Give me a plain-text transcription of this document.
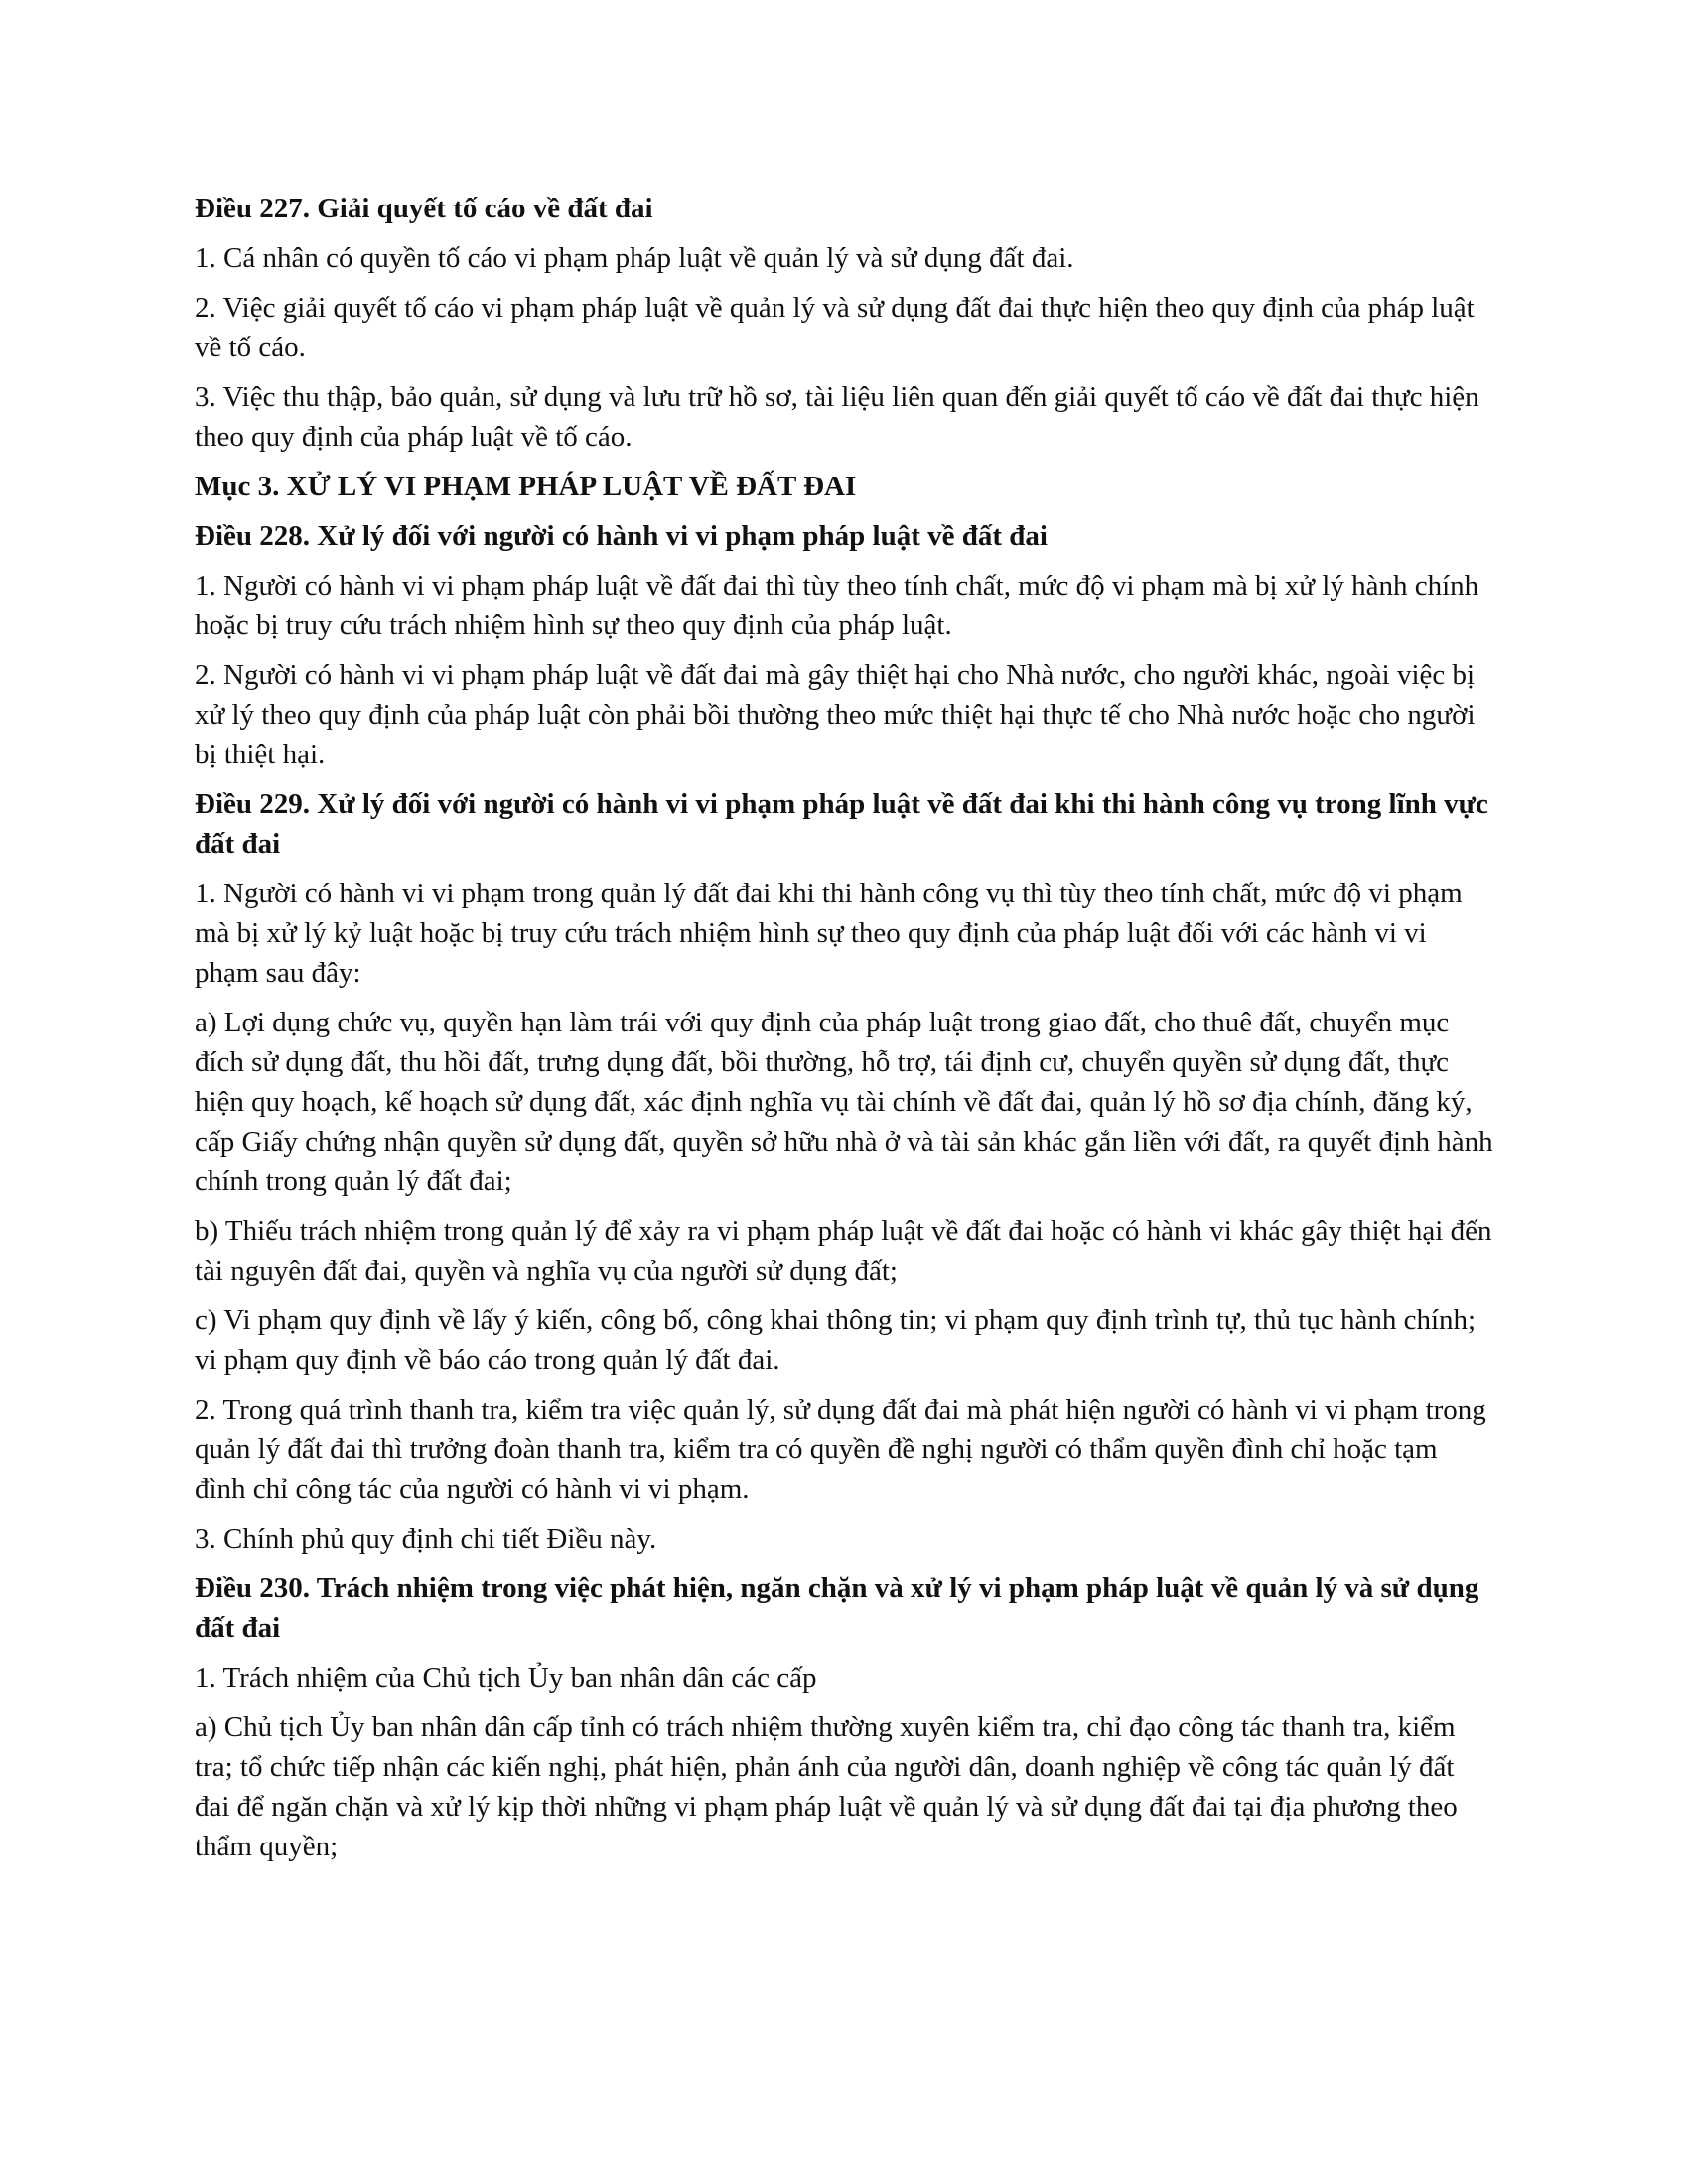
Điều 227. Giải quyết tố cáo về đất đai
1. Cá nhân có quyền tố cáo vi phạm pháp luật về quản lý và sử dụng đất đai.
2. Việc giải quyết tố cáo vi phạm pháp luật về quản lý và sử dụng đất đai thực hiện theo quy định của pháp luật về tố cáo.
3. Việc thu thập, bảo quản, sử dụng và lưu trữ hồ sơ, tài liệu liên quan đến giải quyết tố cáo về đất đai thực hiện theo quy định của pháp luật về tố cáo.
Mục 3. XỬ LÝ VI PHẠM PHÁP LUẬT VỀ ĐẤT ĐAI
Điều 228. Xử lý đối với người có hành vi vi phạm pháp luật về đất đai
1. Người có hành vi vi phạm pháp luật về đất đai thì tùy theo tính chất, mức độ vi phạm mà bị xử lý hành chính hoặc bị truy cứu trách nhiệm hình sự theo quy định của pháp luật.
2. Người có hành vi vi phạm pháp luật về đất đai mà gây thiệt hại cho Nhà nước, cho người khác, ngoài việc bị xử lý theo quy định của pháp luật còn phải bồi thường theo mức thiệt hại thực tế cho Nhà nước hoặc cho người bị thiệt hại.
Điều 229. Xử lý đối với người có hành vi vi phạm pháp luật về đất đai khi thi hành công vụ trong lĩnh vực đất đai
1. Người có hành vi vi phạm trong quản lý đất đai khi thi hành công vụ thì tùy theo tính chất, mức độ vi phạm mà bị xử lý kỷ luật hoặc bị truy cứu trách nhiệm hình sự theo quy định của pháp luật đối với các hành vi vi phạm sau đây:
a) Lợi dụng chức vụ, quyền hạn làm trái với quy định của pháp luật trong giao đất, cho thuê đất, chuyển mục đích sử dụng đất, thu hồi đất, trưng dụng đất, bồi thường, hỗ trợ, tái định cư, chuyển quyền sử dụng đất, thực hiện quy hoạch, kế hoạch sử dụng đất, xác định nghĩa vụ tài chính về đất đai, quản lý hồ sơ địa chính, đăng ký, cấp Giấy chứng nhận quyền sử dụng đất, quyền sở hữu nhà ở và tài sản khác gắn liền với đất, ra quyết định hành chính trong quản lý đất đai;
b) Thiếu trách nhiệm trong quản lý để xảy ra vi phạm pháp luật về đất đai hoặc có hành vi khác gây thiệt hại đến tài nguyên đất đai, quyền và nghĩa vụ của người sử dụng đất;
c) Vi phạm quy định về lấy ý kiến, công bố, công khai thông tin; vi phạm quy định trình tự, thủ tục hành chính; vi phạm quy định về báo cáo trong quản lý đất đai.
2. Trong quá trình thanh tra, kiểm tra việc quản lý, sử dụng đất đai mà phát hiện người có hành vi vi phạm trong quản lý đất đai thì trưởng đoàn thanh tra, kiểm tra có quyền đề nghị người có thẩm quyền đình chỉ hoặc tạm đình chỉ công tác của người có hành vi vi phạm.
3. Chính phủ quy định chi tiết Điều này.
Điều 230. Trách nhiệm trong việc phát hiện, ngăn chặn và xử lý vi phạm pháp luật về quản lý và sử dụng đất đai
1. Trách nhiệm của Chủ tịch Ủy ban nhân dân các cấp
a) Chủ tịch Ủy ban nhân dân cấp tỉnh có trách nhiệm thường xuyên kiểm tra, chỉ đạo công tác thanh tra, kiểm tra; tổ chức tiếp nhận các kiến nghị, phát hiện, phản ánh của người dân, doanh nghiệp về công tác quản lý đất đai để ngăn chặn và xử lý kịp thời những vi phạm pháp luật về quản lý và sử dụng đất đai tại địa phương theo thẩm quyền;
